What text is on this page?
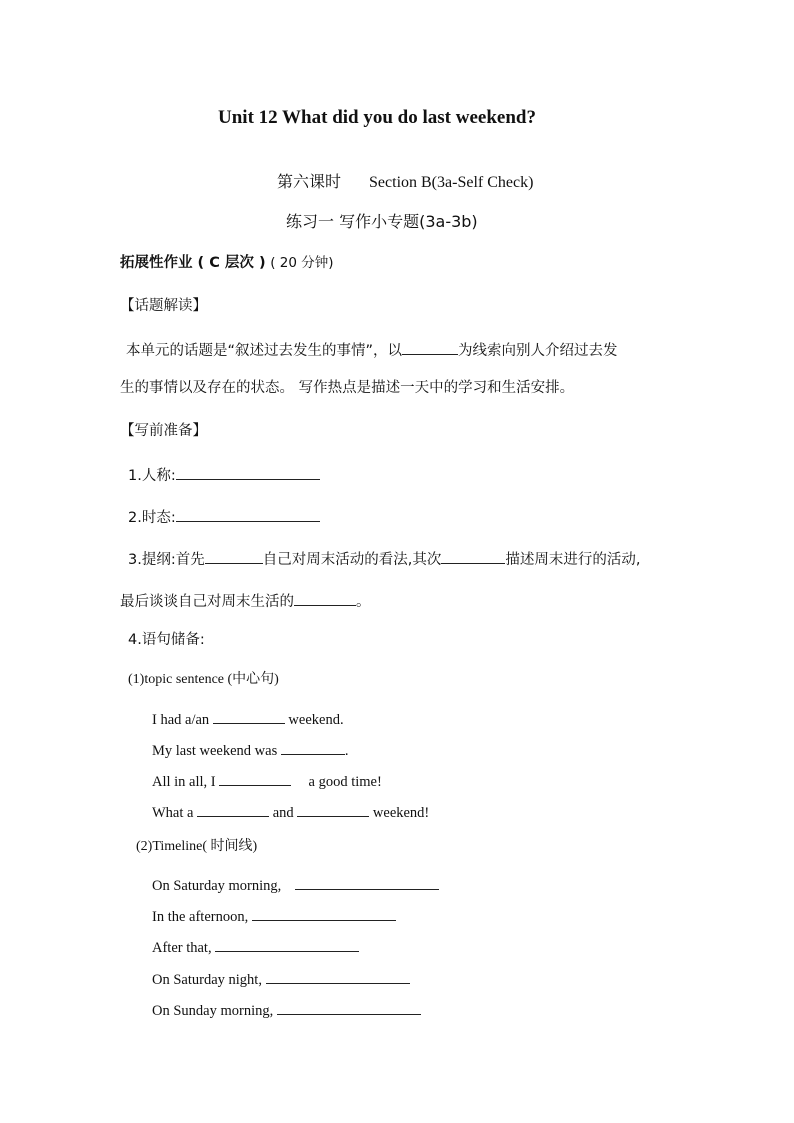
Unit 12 What did you do last weekend?
第六课时 Section B(3a-Self Check)
练习一 写作小专题(3a-3b)
拓展性作业 ( C 层次 ) ( 20 分钟)
【话题解读】
本单元的话题是“叙述过去发生的事情”，以	为线索向别人介绍过去发
生的事情以及存在的状态。 写作热点是描述一天中的学习和生活安排。
【写前准备】
1.人称:
2.时态:
3.提纲:首先	自己对周末活动的看法,其次	描述周末进行的活动,
最后谈谈自己对周末生活的	。
4.语句储备:
(1)topic sentence (中心句)
I had a/an	weekend.
My last weekend was	.
All in all, I	a good time!
What a	and	weekend!
(2)Timeline( 时间线)
On Saturday morning,
In the afternoon,
After that,
On Saturday night,
On Sunday morning,
